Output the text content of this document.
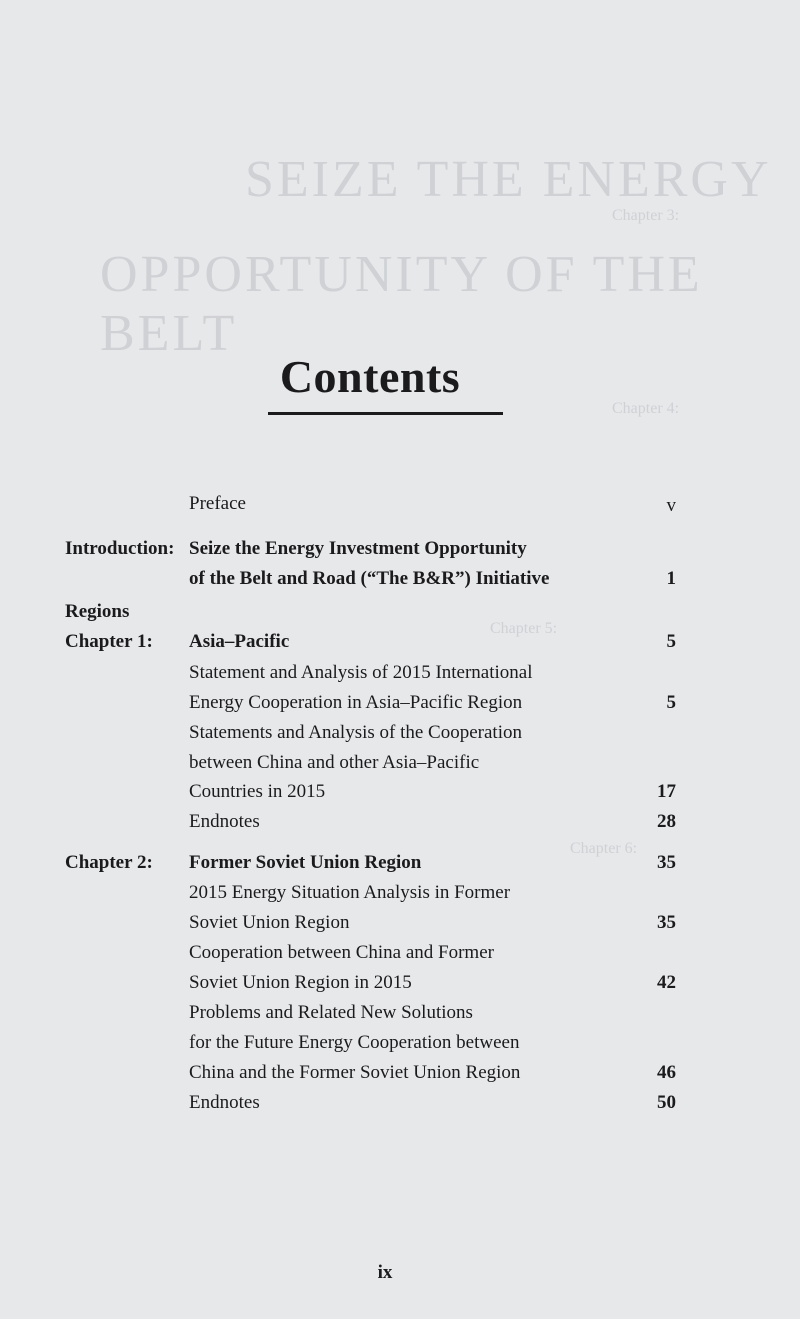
SEIZE THE ENERGY
OPPORTUNITY OF THE BELT
Chapter 3:
Chapter 4:
Chapter 5:
Chapter 6:
Contents
Preface	v
Introduction: Seize the Energy Investment Opportunity
of the Belt and Road (“The B&R”) Initiative	1
Regions
Chapter 1: Asia–Pacific	5
Statement and Analysis of 2015 International
Energy Cooperation in Asia–Pacific Region	5
Statements and Analysis of the Cooperation
between China and other Asia–Pacific
Countries in 2015	17
Endnotes	28
Chapter 2: Former Soviet Union Region	35
2015 Energy Situation Analysis in Former
Soviet Union Region	35
Cooperation between China and Former
Soviet Union Region in 2015	42
Problems and Related New Solutions
for the Future Energy Cooperation between
China and the Former Soviet Union Region	46
Endnotes	50
ix
